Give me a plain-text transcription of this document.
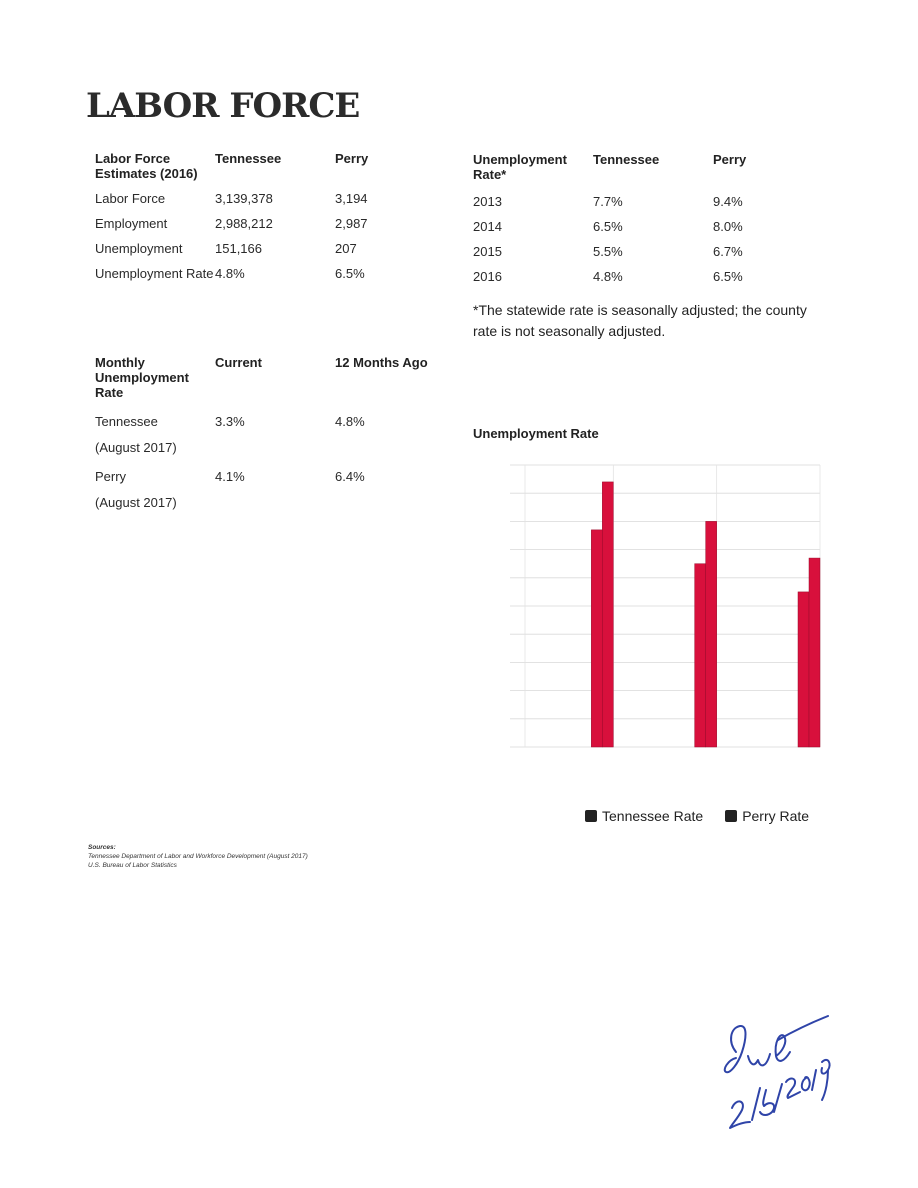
LABOR FORCE
Labor Force Estimates (2016)	Tennessee	Perry
Labor Force	3,139,378	3,194
Employment	2,988,212	2,987
Unemployment	151,166	207
Unemployment Rate	4.8%	6.5%
Unemployment Rate*	Tennessee	Perry
2013	7.7%	9.4%
2014	6.5%	8.0%
2015	5.5%	6.7%
2016	4.8%	6.5%

*The statewide rate is seasonally adjusted; the county rate is not seasonally adjusted.

Monthly Unemployment Rate	Current	12 Months Ago
Tennessee	3.3%	4.8%
(August 2017)		
Perry	4.1%	6.4%
(August 2017)		

Unemployment Rate

Tennessee Rate	Perry Rate
Sources:
Tennessee Department of Labor and Workforce Development (August 2017)
U.S. Bureau of Labor Statistics
